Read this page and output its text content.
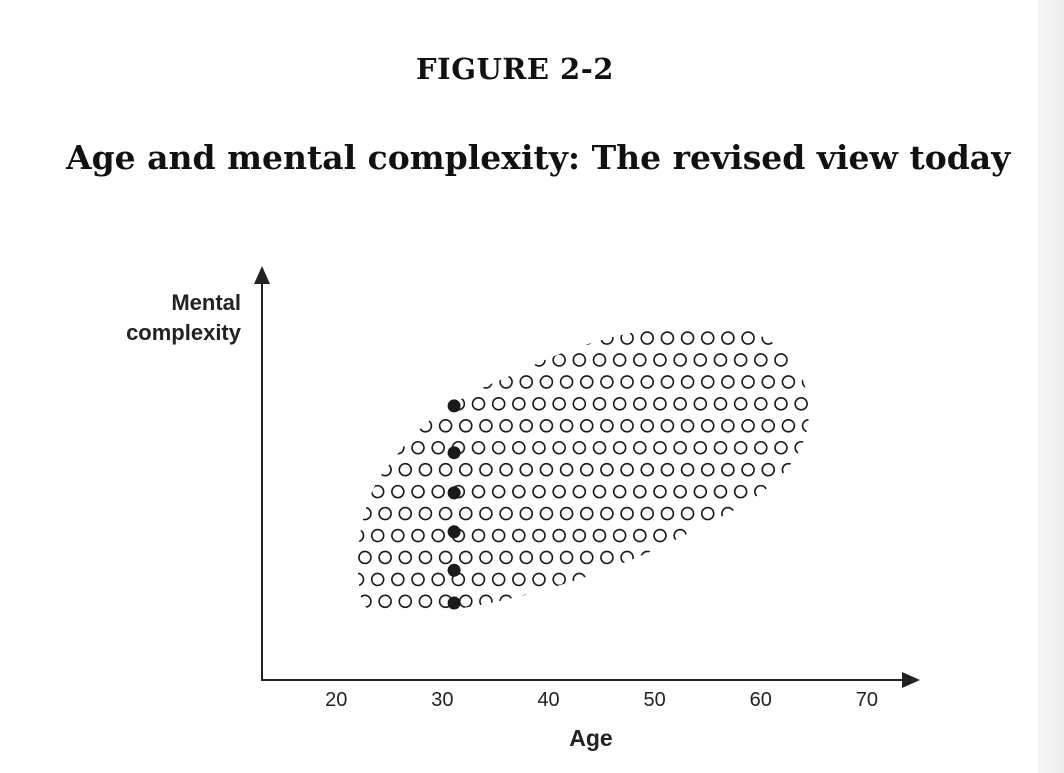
FIGURE 2-2
Age and mental complexity: The revised view today
Mental
complexity
Age
20	30	40	50	60	70
